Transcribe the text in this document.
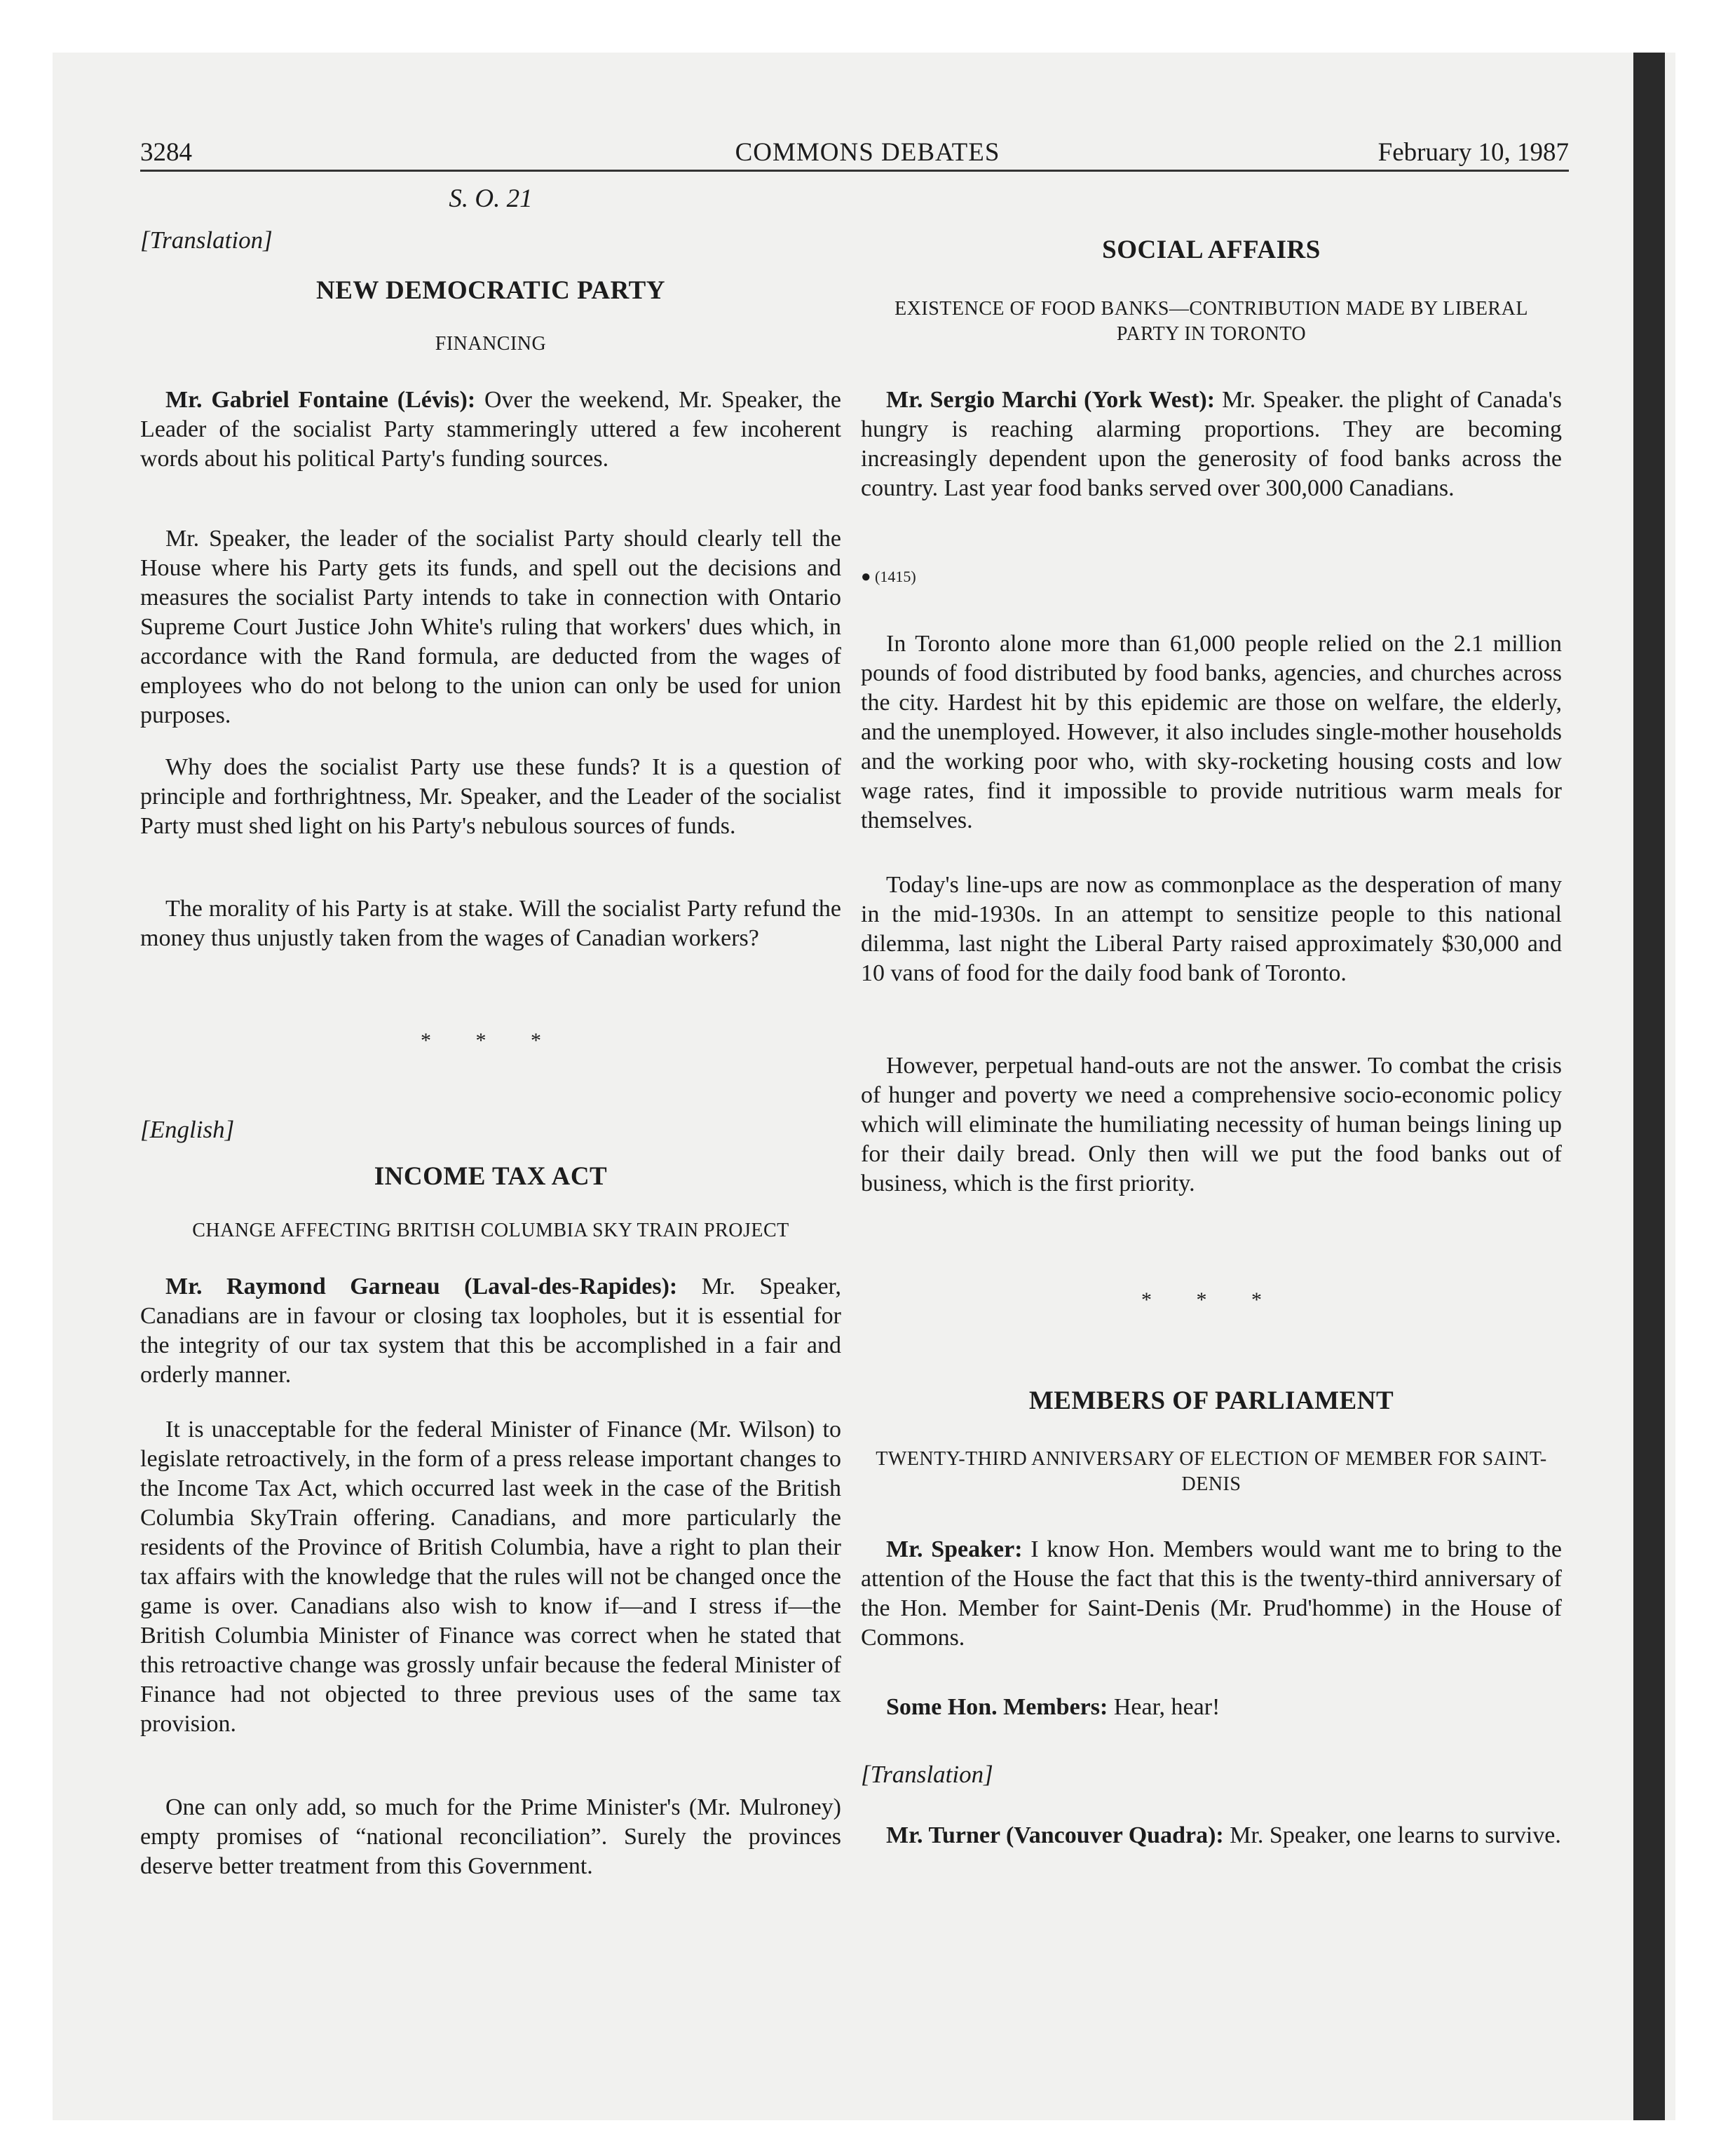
3284	COMMONS DEBATES	February 10, 1987
S. O. 21
[Translation]
NEW DEMOCRATIC PARTY
FINANCING

Mr. Gabriel Fontaine (Lévis): Over the weekend, Mr. Speaker, the Leader of the socialist Party stammeringly uttered a few incoherent words about his political Party's funding sources.

Mr. Speaker, the leader of the socialist Party should clearly tell the House where his Party gets its funds, and spell out the decisions and measures the socialist Party intends to take in connection with Ontario Supreme Court Justice John White's ruling that workers' dues which, in accordance with the Rand formula, are deducted from the wages of employees who do not belong to the union can only be used for union purposes.

Why does the socialist Party use these funds? It is a question of principle and forthrightness, Mr. Speaker, and the Leader of the socialist Party must shed light on his Party's nebulous sources of funds.

The morality of his Party is at stake. Will the socialist Party refund the money thus unjustly taken from the wages of Canadian workers?

* * *
[English]
INCOME TAX ACT
CHANGE AFFECTING BRITISH COLUMBIA SKY TRAIN PROJECT

Mr. Raymond Garneau (Laval-des-Rapides): Mr. Speaker, Canadians are in favour or closing tax loopholes, but it is essential for the integrity of our tax system that this be accomplished in a fair and orderly manner.

It is unacceptable for the federal Minister of Finance (Mr. Wilson) to legislate retroactively, in the form of a press release important changes to the Income Tax Act, which occurred last week in the case of the British Columbia SkyTrain offering. Canadians, and more particularly the residents of the Province of British Columbia, have a right to plan their tax affairs with the knowledge that the rules will not be changed once the game is over. Canadians also wish to know if—and I stress if—the British Columbia Minister of Finance was correct when he stated that this retroactive change was grossly unfair because the federal Minister of Finance had not objected to three previous uses of the same tax provision.

One can only add, so much for the Prime Minister's (Mr. Mulroney) empty promises of “national reconciliation”. Surely the provinces deserve better treatment from this Government.

SOCIAL AFFAIRS
EXISTENCE OF FOOD BANKS—CONTRIBUTION MADE BY LIBERAL PARTY IN TORONTO

Mr. Sergio Marchi (York West): Mr. Speaker. the plight of Canada's hungry is reaching alarming proportions. They are becoming increasingly dependent upon the generosity of food banks across the country. Last year food banks served over 300,000 Canadians.

● (1415)

In Toronto alone more than 61,000 people relied on the 2.1 million pounds of food distributed by food banks, agencies, and churches across the city. Hardest hit by this epidemic are those on welfare, the elderly, and the unemployed. However, it also includes single-mother households and the working poor who, with sky-rocketing housing costs and low wage rates, find it impossible to provide nutritious warm meals for themselves.

Today's line-ups are now as commonplace as the desperation of many in the mid-1930s. In an attempt to sensitize people to this national dilemma, last night the Liberal Party raised approximately $30,000 and 10 vans of food for the daily food bank of Toronto.

However, perpetual hand-outs are not the answer. To combat the crisis of hunger and poverty we need a comprehensive socio-economic policy which will eliminate the humiliating necessity of human beings lining up for their daily bread. Only then will we put the food banks out of business, which is the first priority.

* * *
MEMBERS OF PARLIAMENT
TWENTY-THIRD ANNIVERSARY OF ELECTION OF MEMBER FOR SAINT-DENIS

Mr. Speaker: I know Hon. Members would want me to bring to the attention of the House the fact that this is the twenty-third anniversary of the Hon. Member for Saint-Denis (Mr. Prud'homme) in the House of Commons.

Some Hon. Members: Hear, hear!

[Translation]

Mr. Turner (Vancouver Quadra): Mr. Speaker, one learns to survive.
